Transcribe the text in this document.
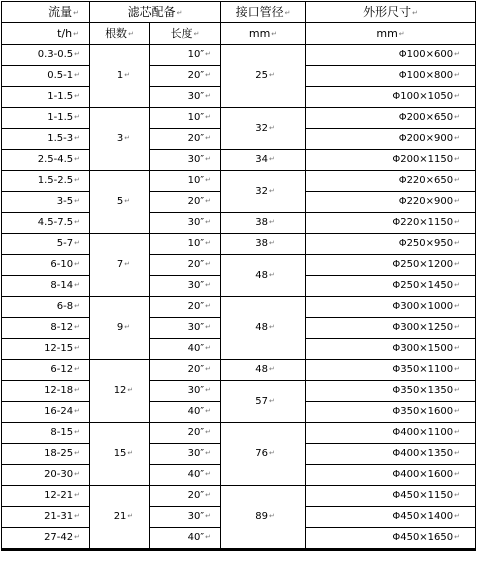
流量↵	滤芯配备↵		接口管径↵	外形尺寸↵
t/h↵	根数↵	长度↵	mm↵	mm↵
0.3-0.5↵	1↵	10″↵	25↵	Φ100×600↵
0.5-1↵		20″↵		Φ100×800↵
1-1.5↵		30″↵		Φ100×1050↵
1-1.5↵	3↵	10″↵	32↵	Φ200×650↵
1.5-3↵		20″↵		Φ200×900↵
2.5-4.5↵		30″↵	34↵	Φ200×1150↵
1.5-2.5↵	5↵	10″↵	32↵	Φ220×650↵
3-5↵		20″↵		Φ220×900↵
4.5-7.5↵		30″↵	38↵	Φ220×1150↵
5-7↵	7↵	10″↵	38↵	Φ250×950↵
6-10↵		20″↵	48↵	Φ250×1200↵
8-14↵		30″↵		Φ250×1450↵
6-8↵	9↵	20″↵	48↵	Φ300×1000↵
8-12↵		30″↵		Φ300×1250↵
12-15↵		40″↵		Φ300×1500↵
6-12↵	12↵	20″↵	48↵	Φ350×1100↵
12-18↵		30″↵	57↵	Φ350×1350↵
16-24↵		40″↵		Φ350×1600↵
8-15↵	15↵	20″↵	76↵	Φ400×1100↵
18-25↵		30″↵		Φ400×1350↵
20-30↵		40″↵		Φ400×1600↵
12-21↵	21↵	20″↵	89↵	Φ450×1150↵
21-31↵		30″↵		Φ450×1400↵
27-42↵		40″↵		Φ450×1650↵
